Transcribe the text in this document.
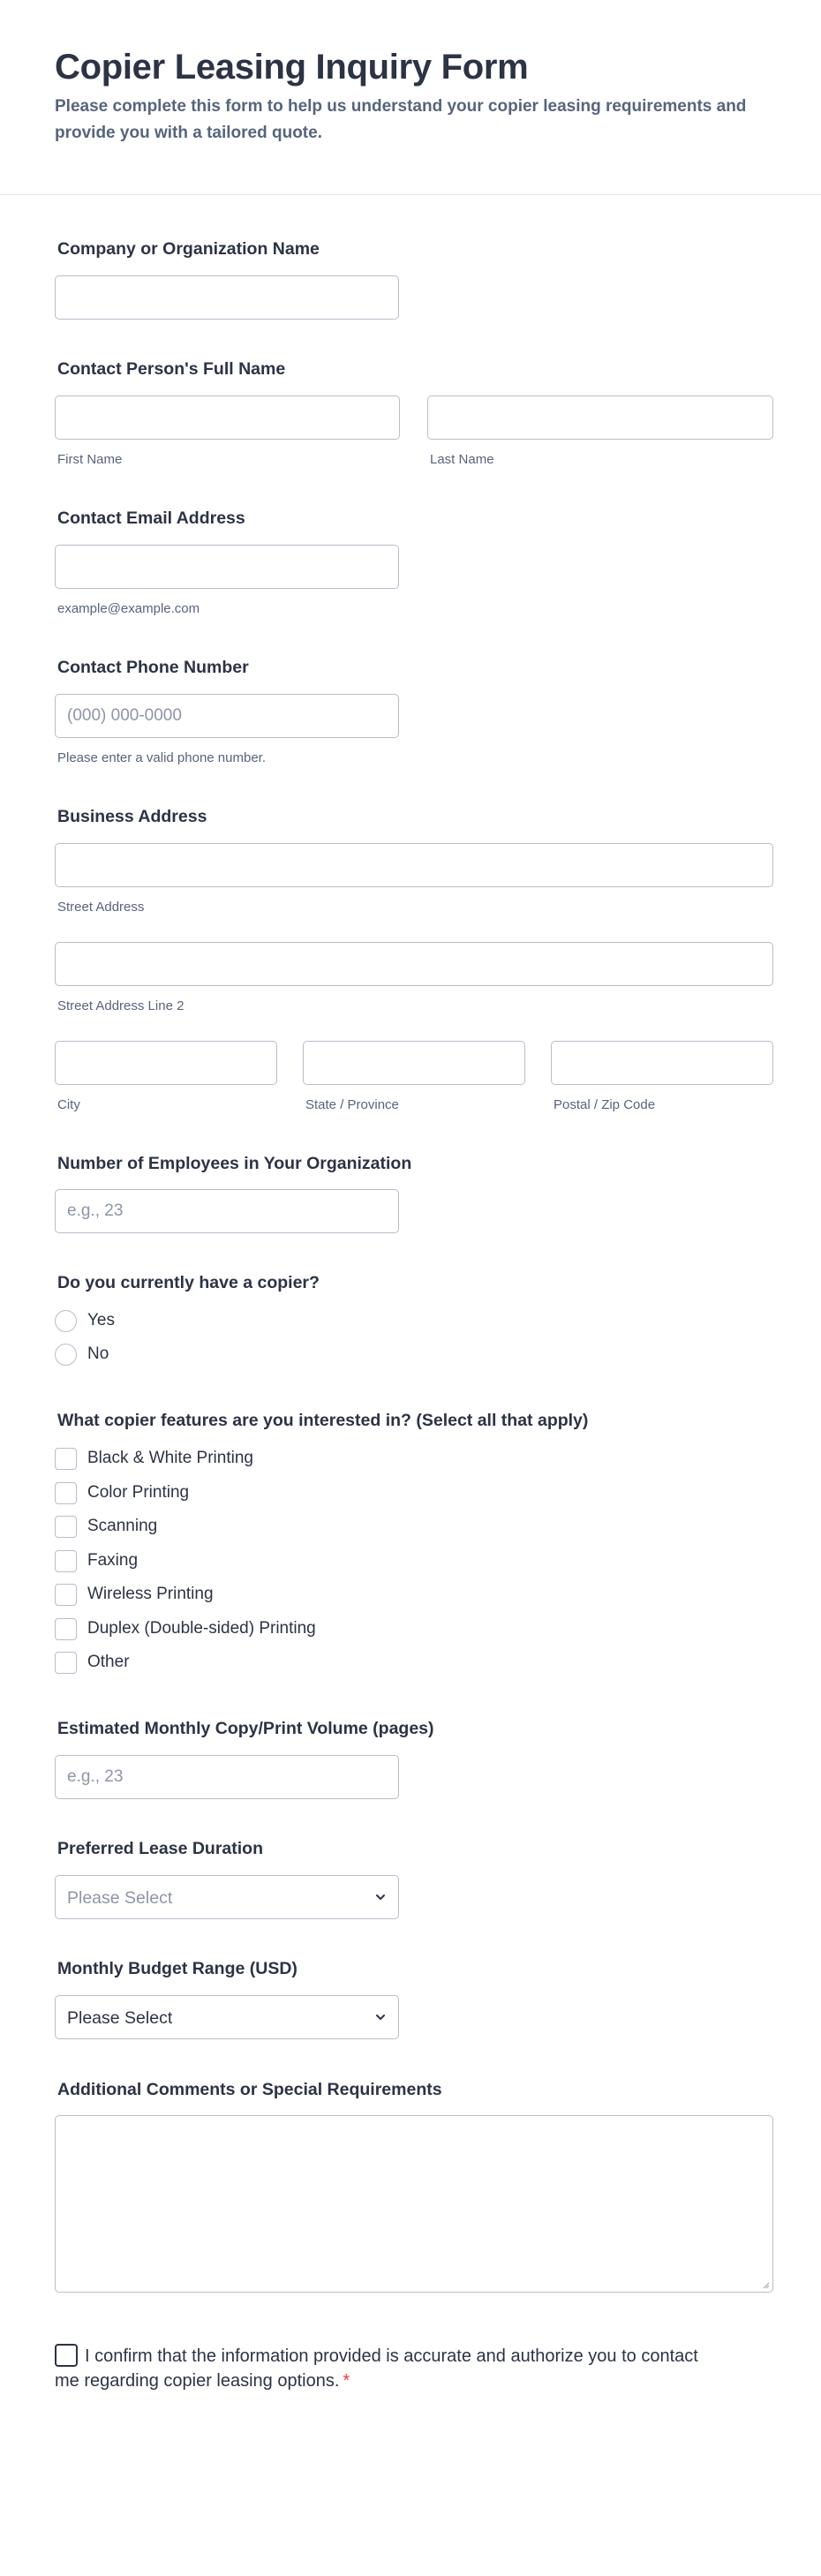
Copier Leasing Inquiry Form

Please complete this form to help us understand your copier leasing requirements and provide you with a tailored quote.

Company or Organization Name
Contact Person's Full Name
First Name	Last Name
Contact Email Address
example@example.com
Contact Phone Number
(000) 000-0000
Please enter a valid phone number.
Business Address
Street Address
Street Address Line 2
City	State / Province	Postal / Zip Code
Number of Employees in Your Organization
e.g., 23
Do you currently have a copier?
Yes
No
What copier features are you interested in? (Select all that apply)
Black & White Printing
Color Printing
Scanning
Faxing
Wireless Printing
Duplex (Double-sided) Printing
Other
Estimated Monthly Copy/Print Volume (pages)
e.g., 23
Preferred Lease Duration
Please Select
Monthly Budget Range (USD)
Please Select
Additional Comments or Special Requirements
I confirm that the information provided is accurate and authorize you to contact me regarding copier leasing options. *
